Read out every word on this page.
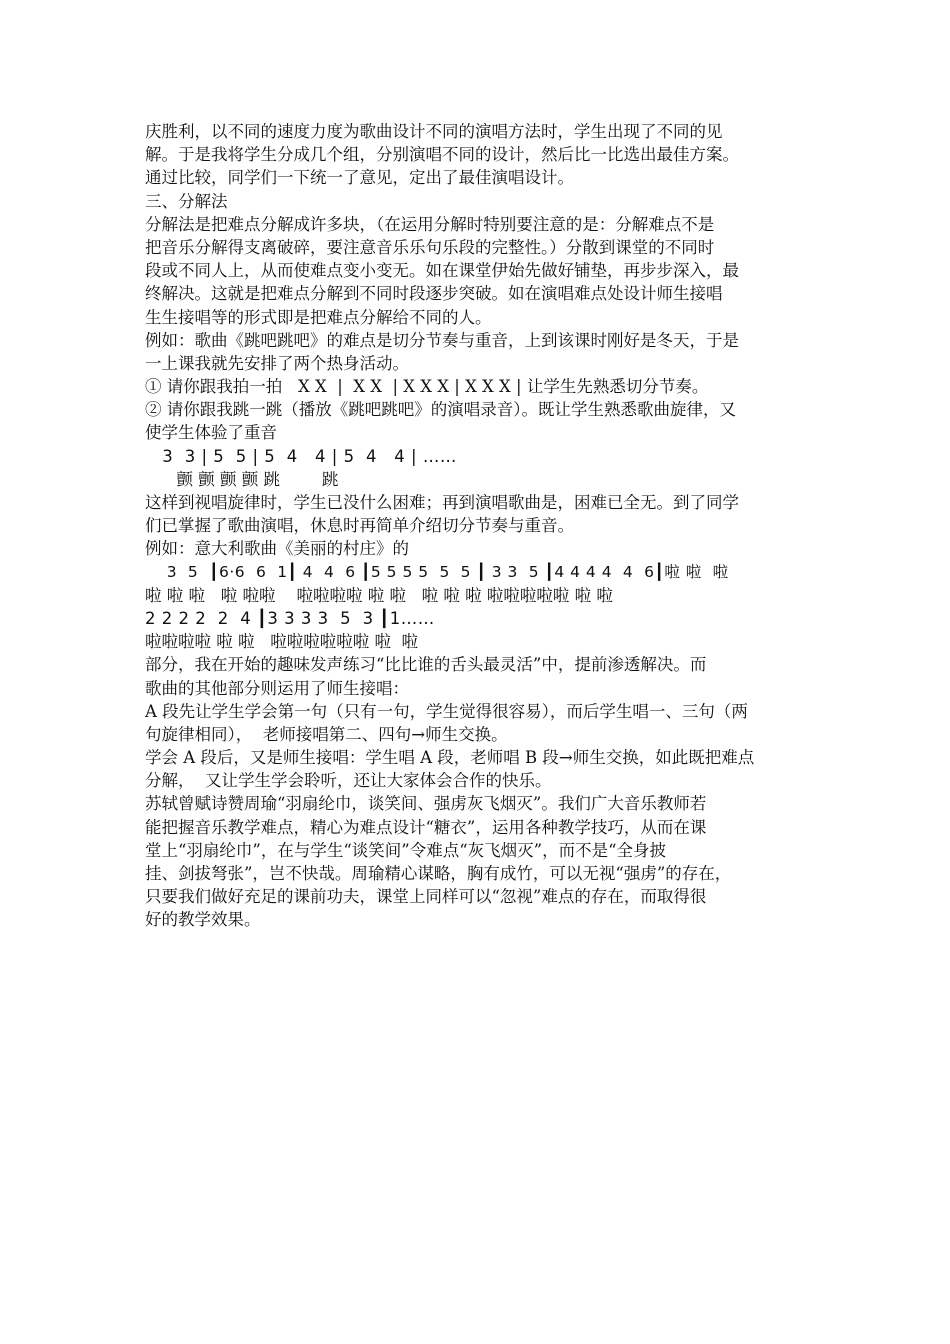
庆胜利，以不同的速度力度为歌曲设计不同的演唱方法时，学生出现了不同的见
解。于是我将学生分成几个组，分别演唱不同的设计，然后比一比选出最佳方案。
通过比较，同学们一下统一了意见，定出了最佳演唱设计。
三、分解法
分解法是把难点分解成许多块，（在运用分解时特别要注意的是：分解难点不是
把音乐分解得支离破碎，要注意音乐乐句乐段的完整性。）分散到课堂的不同时
段或不同人上，从而使难点变小变无。如在课堂伊始先做好铺垫，再步步深入，最
终解决。这就是把难点分解到不同时段逐步突破。如在演唱难点处设计师生接唱
生生接唱等的形式即是把难点分解给不同的人。
例如：歌曲《跳吧跳吧》的难点是切分节奏与重音，上到该课时刚好是冬天，于是
一上课我就先安排了两个热身活动。
① 请你跟我拍一拍   X X  |  X X  | X X X | X X X | 让学生先熟悉切分节奏。
② 请你跟我跳一跳（播放《跳吧跳吧》的演唱录音）。既让学生熟悉歌曲旋律，又
使学生体验了重音
3  3 | 5  5 | 5  4   4 | 5  4   4 | ……
颤 颤 颤 颤 跳        跳
这样到视唱旋律时，学生已没什么困难；再到演唱歌曲是，困难已全无。到了同学
们已掌握了歌曲演唱，休息时再简单介绍切分节奏与重音。
例如：意大利歌曲《美丽的村庄》的
3  5  ┃6·6  6  1┃ 4  4  6 ┃5 5 5 5  5  5 ┃ 3 3  5 ┃4 4 4 4  4  6┃啦 啦  啦
啦 啦 啦   啦 啦啦    啦啦啦啦 啦 啦   啦 啦 啦 啦啦啦啦啦 啦 啦
2 2 2 2  2  4 ┃3 3 3 3  5  3 ┃1……
啦啦啦啦 啦 啦   啦啦啦啦啦啦 啦  啦
部分，我在开始的趣味发声练习“比比谁的舌头最灵活”中，提前渗透解决。而
歌曲的其他部分则运用了师生接唱：
A 段先让学生学会第一句（只有一句，学生觉得很容易），而后学生唱一、三句（两
句旋律相同），  老师接唱第二、四句→师生交换。
学会 A 段后，又是师生接唱：学生唱 A 段，老师唱 B 段→师生交换，如此既把难点
分解，  又让学生学会聆听，还让大家体会合作的快乐。
苏轼曾赋诗赞周瑜“羽扇纶巾，谈笑间、强虏灰飞烟灭”。我们广大音乐教师若
能把握音乐教学难点，精心为难点设计“糖衣”，运用各种教学技巧，从而在课
堂上“羽扇纶巾”，在与学生“谈笑间”令难点“灰飞烟灭”，而不是“全身披
挂、剑拔弩张”，岂不快哉。周瑜精心谋略，胸有成竹，可以无视“强虏”的存在，
只要我们做好充足的课前功夫，课堂上同样可以“忽视”难点的存在，而取得很
好的教学效果。
